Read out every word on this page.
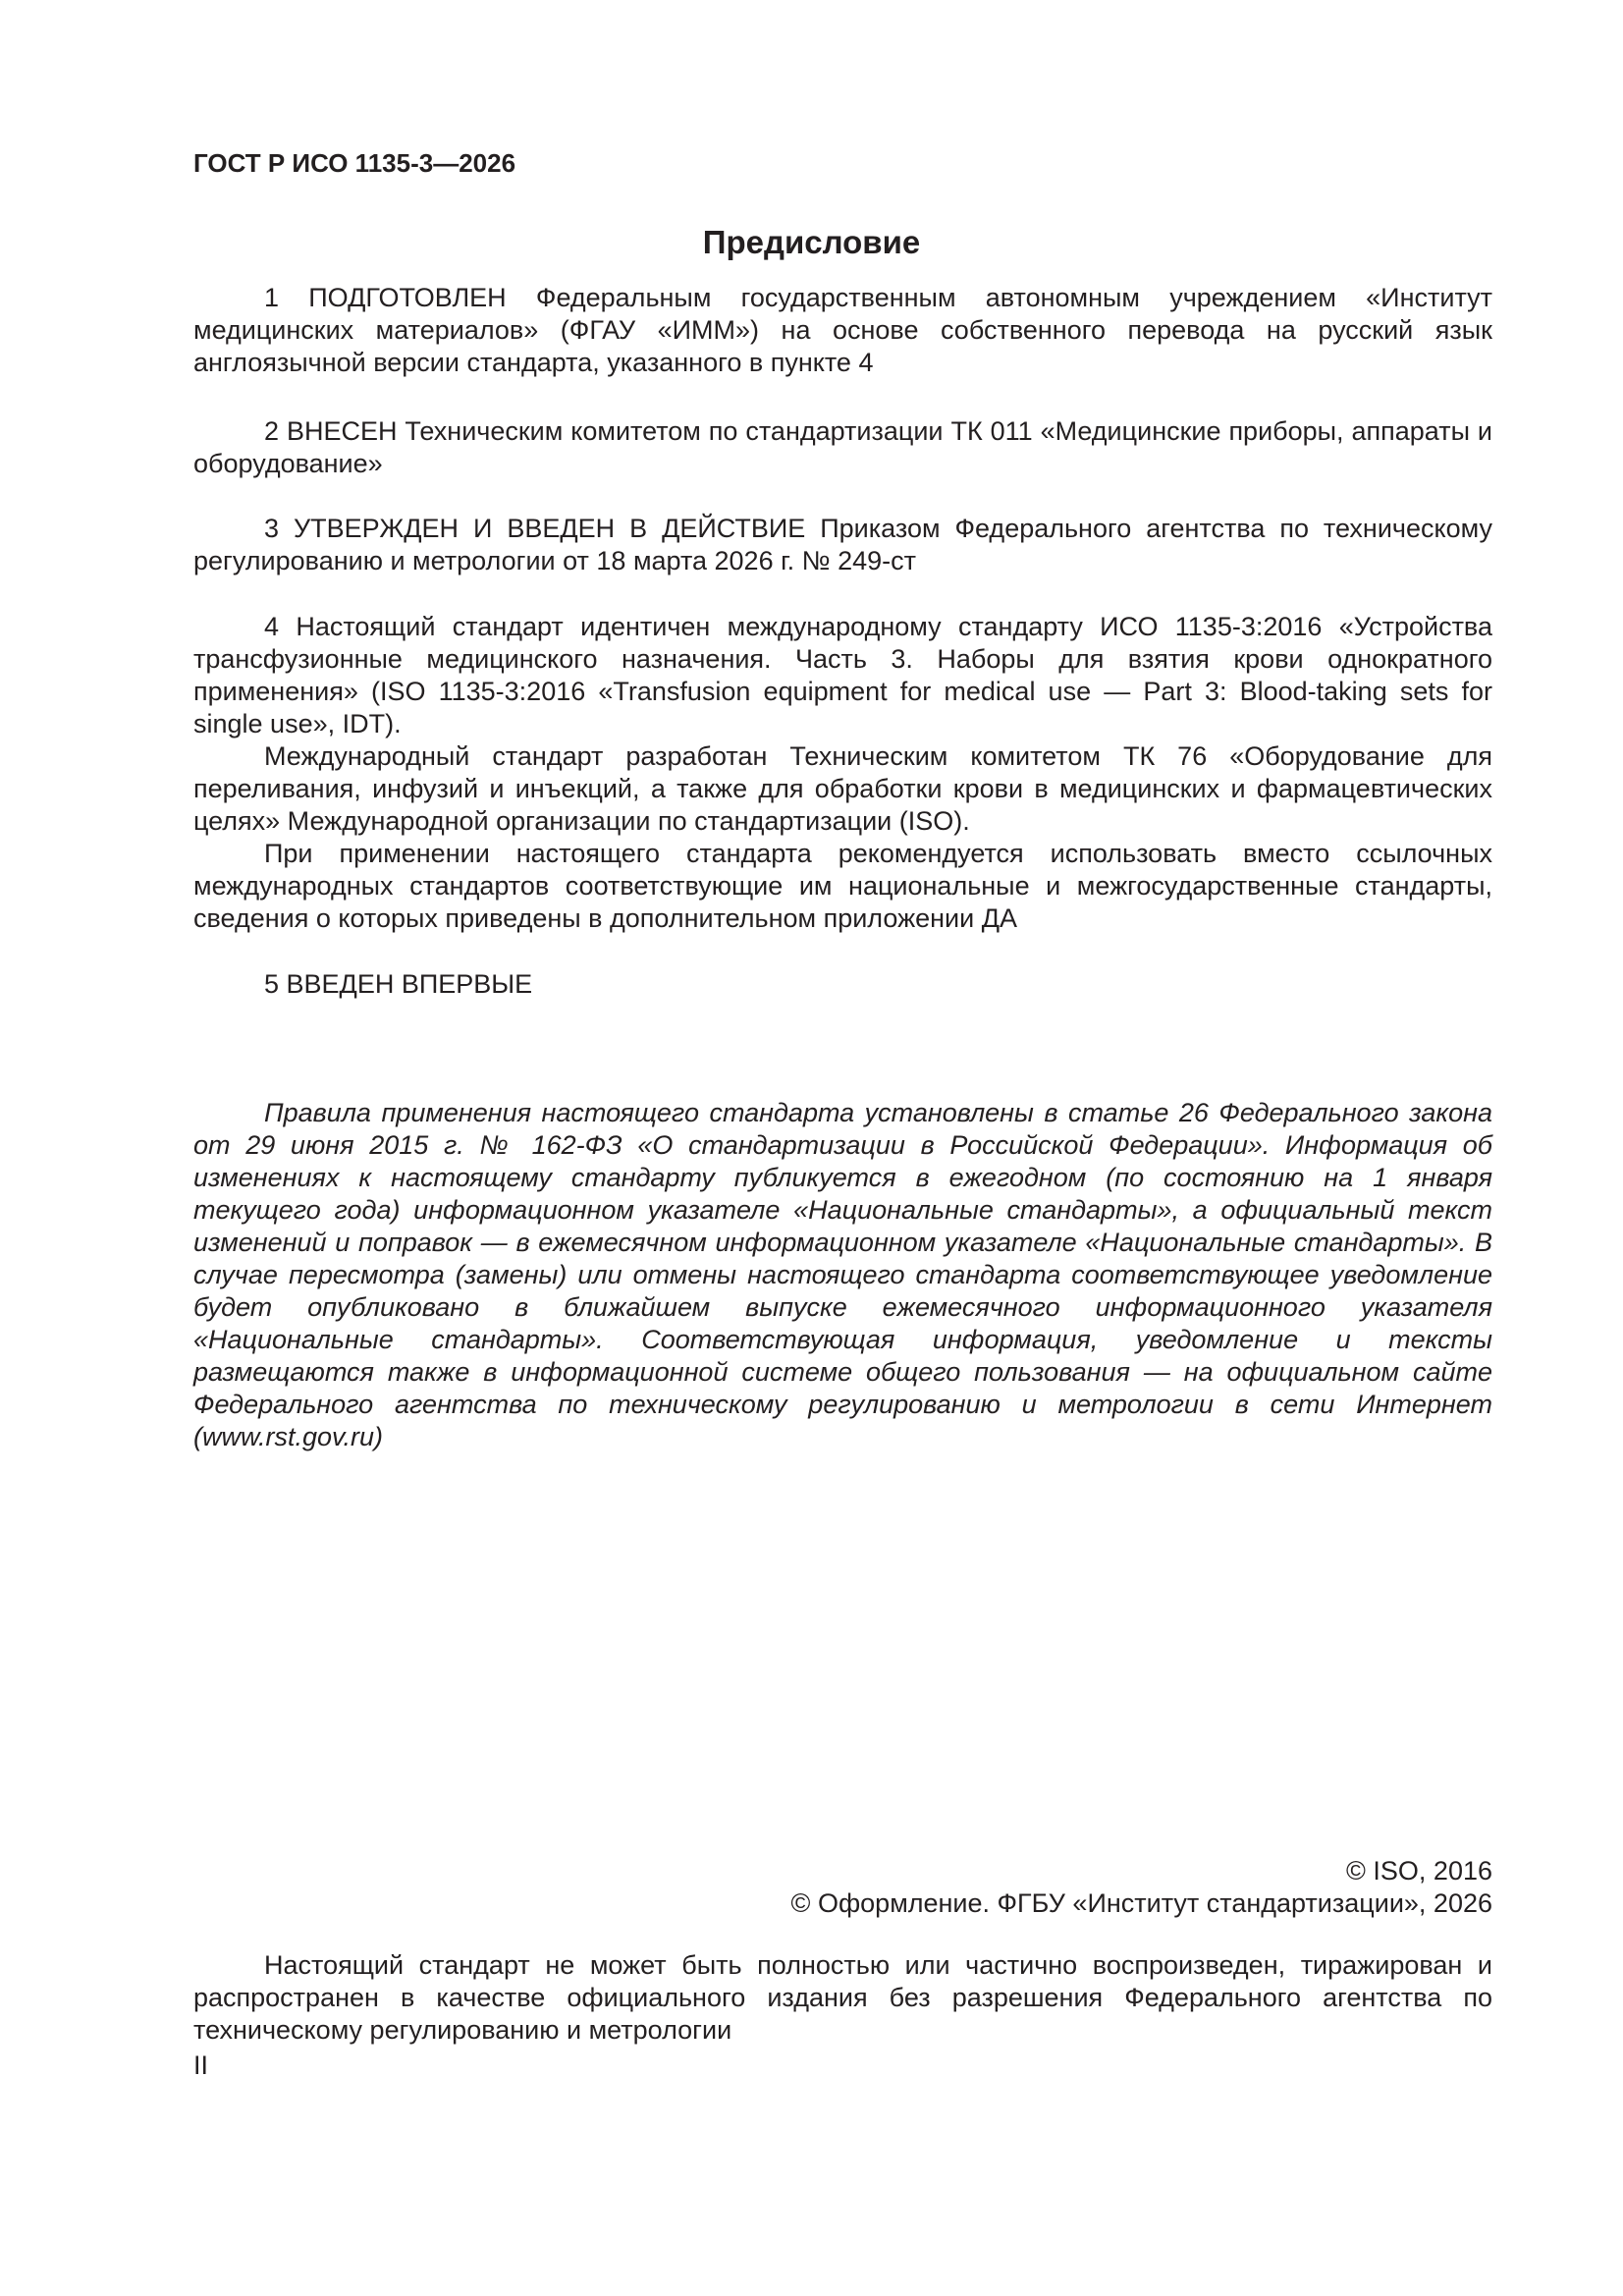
ГОСТ Р ИСО 1135-3—2026
Предисловие

1 ПОДГОТОВЛЕН Федеральным государственным автономным учреждением «Институт медицинских материалов» (ФГАУ «ИММ») на основе собственного перевода на русский язык англоязычной версии стандарта, указанного в пункте 4

2 ВНЕСЕН Техническим комитетом по стандартизации ТК 011 «Медицинские приборы, аппараты и оборудование»

3 УТВЕРЖДЕН И ВВЕДЕН В ДЕЙСТВИЕ Приказом Федерального агентства по техническому регулированию и метрологии от 18 марта 2026 г. № 249-ст

4 Настоящий стандарт идентичен международному стандарту ИСО 1135-3:2016 «Устройства трансфузионные медицинского назначения. Часть 3. Наборы для взятия крови однократного применения» (ISO 1135-3:2016 «Transfusion equipment for medical use — Part 3: Blood-taking sets for single use», IDT).

Международный стандарт разработан Техническим комитетом ТК 76 «Оборудование для переливания, инфузий и инъекций, а также для обработки крови в медицинских и фармацевтических целях» Международной организации по стандартизации (ISO).

При применении настоящего стандарта рекомендуется использовать вместо ссылочных международных стандартов соответствующие им национальные и межгосударственные стандарты, сведения о которых приведены в дополнительном приложении ДА

5 ВВЕДЕН ВПЕРВЫЕ

Правила применения настоящего стандарта установлены в статье 26 Федерального закона от 29 июня 2015 г. № 162-ФЗ «О стандартизации в Российской Федерации». Информация об изменениях к настоящему стандарту публикуется в ежегодном (по состоянию на 1 января текущего года) информационном указателе «Национальные стандарты», а официальный текст изменений и поправок — в ежемесячном информационном указателе «Национальные стандарты». В случае пересмотра (замены) или отмены настоящего стандарта соответствующее уведомление будет опубликовано в ближайшем выпуске ежемесячного информационного указателя «Национальные стандарты». Соответствующая информация, уведомление и тексты размещаются также в информационной системе общего пользования — на официальном сайте Федерального агентства по техническому регулированию и метрологии в сети Интернет (www.rst.gov.ru)

© ISO, 2016
© Оформление. ФГБУ «Институт стандартизации», 2026

Настоящий стандарт не может быть полностью или частично воспроизведен, тиражирован и распространен в качестве официального издания без разрешения Федерального агентства по техническому регулированию и метрологии

II
